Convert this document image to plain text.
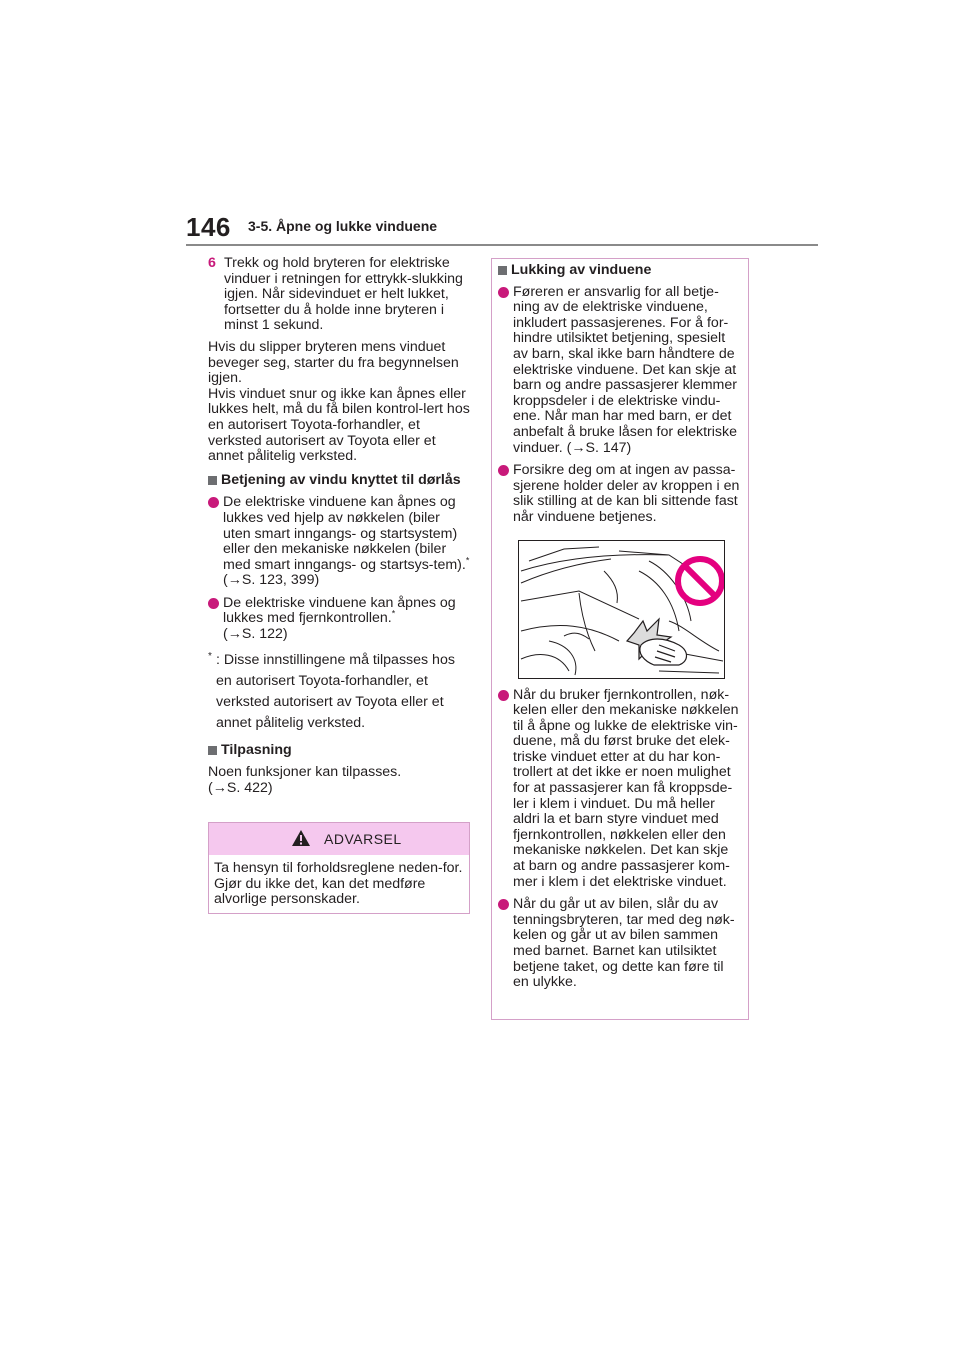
146 3-5. Åpne og lukke vinduene
6 Trekk og hold bryteren for elektriske vinduer i retningen for ettrykk-slukking igjen. Når sidevinduet er helt lukket, fortsetter du å holde inne bryteren i minst 1 sekund.

Hvis du slipper bryteren mens vinduet beveger seg, starter du fra begynnelsen igjen.

Hvis vinduet snur og ikke kan åpnes eller lukkes helt, må du få bilen kontrol-lert hos en autorisert Toyota-forhandler, et verksted autorisert av Toyota eller et annet pålitelig verksted.

Betjening av vindu knyttet til dørlås
De elektriske vinduene kan åpnes og lukkes ved hjelp av nøkkelen (biler uten smart inngangs- og startsystem) eller den mekaniske nøkkelen (biler med smart inngangs- og startsys-tem).* (→S. 123, 399)
De elektriske vinduene kan åpnes og lukkes med fjernkontrollen.*
(→S. 122)
* : Disse innstillingene må tilpasses hos en autorisert Toyota-forhandler, et verksted autorisert av Toyota eller et annet pålitelig verksted.
Tilpasning

Noen funksjoner kan tilpasses.

(→S. 422)

ADVARSEL
Ta hensyn til forholdsreglene neden-for. Gjør du ikke det, kan det medføre alvorlige personskader.
Lukking av vinduene
Føreren er ansvarlig for all betje-ning av de elektriske vinduene, inkludert passasjerenes. For å for-hindre utilsiktet betjening, spesielt av barn, skal ikke barn håndtere de elektriske vinduene. Det kan skje at barn og andre passasjerer klemmer kroppsdeler i de elektriske vindu-ene. Når man har med barn, er det anbefalt å bruke låsen for elektriske vinduer. (→S. 147)
Forsikre deg om at ingen av passa-sjerene holder deler av kroppen i en slik stilling at de kan bli sittende fast når vinduene betjenes.
Når du bruker fjernkontrollen, nøk-kelen eller den mekaniske nøkkelen til å åpne og lukke de elektriske vin-duene, må du først bruke det elek-triske vinduet etter at du har kon-trollert at det ikke er noen mulighet for at passasjerer kan få kroppsde-ler i klem i vinduet. Du må heller aldri la et barn styre vinduet med fjernkontrollen, nøkkelen eller den mekaniske nøkkelen. Det kan skje at barn og andre passasjerer kom-mer i klem i det elektriske vinduet.
Når du går ut av bilen, slår du av tenningsbryteren, tar med deg nøk-kelen og går ut av bilen sammen med barnet. Barnet kan utilsiktet betjene taket, og dette kan føre til en ulykke.
